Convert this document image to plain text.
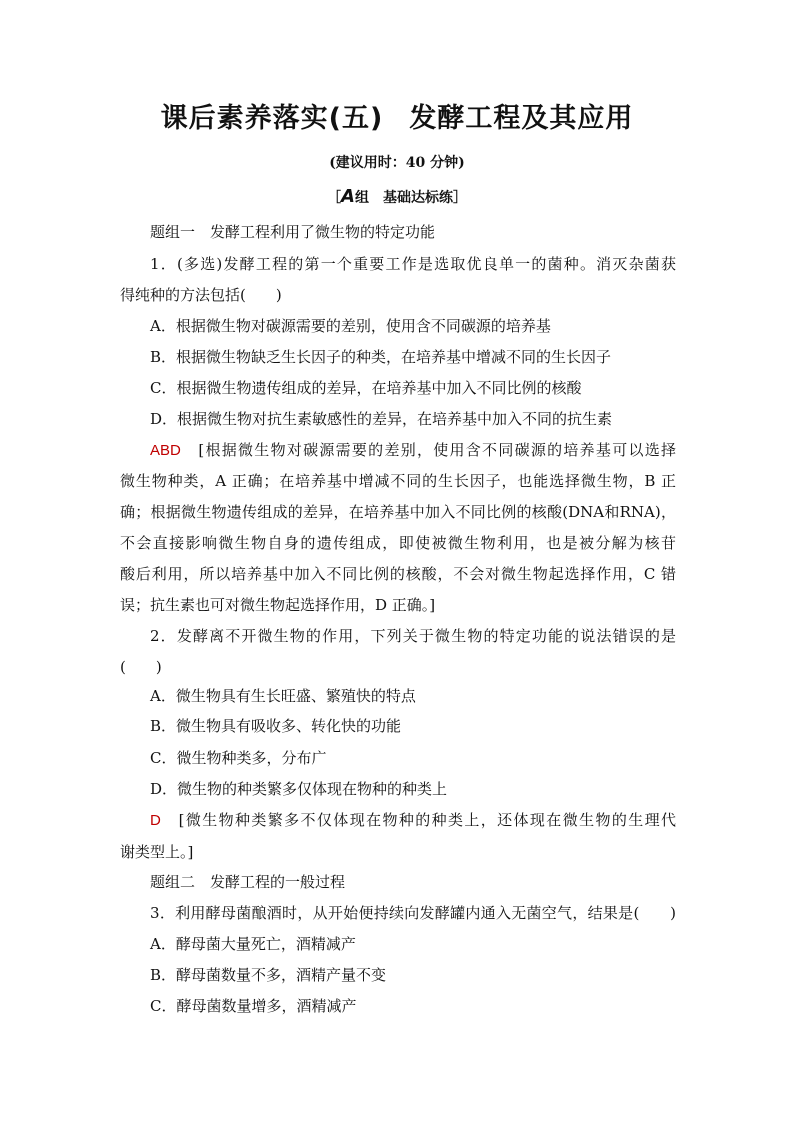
课后素养落实(五) 发酵工程及其应用
(建议用时：40 分钟)
［A组　基础达标练］
题组一　发酵工程利用了微生物的特定功能
1．(多选)发酵工程的第一个重要工作是选取优良单一的菌种。消灭杂菌获
得纯种的方法包括(　　)
A．根据微生物对碳源需要的差别，使用含不同碳源的培养基
B．根据微生物缺乏生长因子的种类，在培养基中增减不同的生长因子
C．根据微生物遗传组成的差异，在培养基中加入不同比例的核酸
D．根据微生物对抗生素敏感性的差异，在培养基中加入不同的抗生素
ABD　[根据微生物对碳源需要的差别，使用含不同碳源的培养基可以选择
微生物种类，A 正确；在培养基中增减不同的生长因子，也能选择微生物，B 正
确；根据微生物遗传组成的差异，在培养基中加入不同比例的核酸(DNA和RNA)，
不会直接影响微生物自身的遗传组成，即使被微生物利用，也是被分解为核苷
酸后利用，所以培养基中加入不同比例的核酸，不会对微生物起选择作用，C 错
误；抗生素也可对微生物起选择作用，D 正确。]
2．发酵离不开微生物的作用，下列关于微生物的特定功能的说法错误的是
(　　)
A．微生物具有生长旺盛、繁殖快的特点
B．微生物具有吸收多、转化快的功能
C．微生物种类多，分布广
D．微生物的种类繁多仅体现在物种的种类上
D　[微生物种类繁多不仅体现在物种的种类上，还体现在微生物的生理代
谢类型上。]
题组二　发酵工程的一般过程
3．利用酵母菌酿酒时，从开始便持续向发酵罐内通入无菌空气，结果是(　　)
A．酵母菌大量死亡，酒精减产
B．酵母菌数量不多，酒精产量不变
C．酵母菌数量增多，酒精减产
